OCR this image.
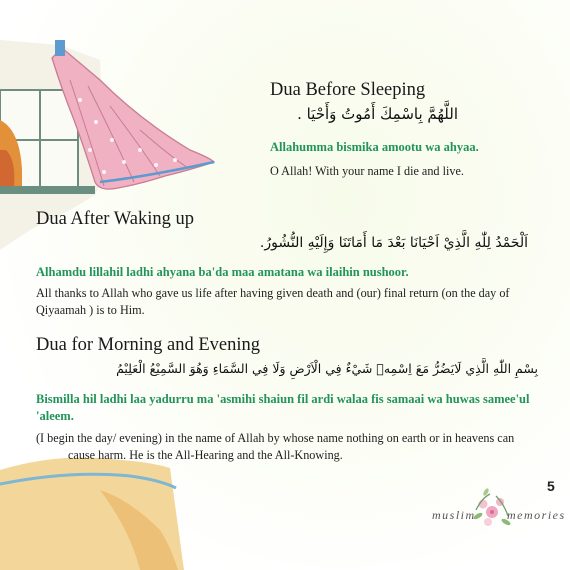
Dua Before Sleeping
اللَّهُمَّ بِاسْمِكَ أَمُوتُ وَأَحْيَا .
Allahumma bismika amootu wa ahyaa.
O Allah! With your name I die and live.
Dua After Waking up
اَلْحَمْدُ لِلّٰهِ الَّذِيْ اَحْيَانَا بَعْدَ مَا أَمَاتَنَا وَإِلَيْهِ النُّشُورُ.
Alhamdu lillahil ladhi ahyana ba'da maa amatana wa ilaihin nushoor.
All thanks to Allah who gave us life after having given death and (our) final return (on the day of Qiyaamah ) is to Him.
Dua for Morning and Evening
بِسْمِ اللّٰهِ الَّذِي لَايَضُرُّ مَعَ اِسْمِهٖ شَيْءٌ فِي الْاَرْضِ وَلَا فِي السَّمَاءِ وَهُوَ السَّمِيْعُ الْعَلِيْمُ
Bismilla hil ladhi laa yadurru ma 'asmihi shaiun fil ardi walaa fis samaai wa huwas samee'ul 'aleem.
(I begin the day/ evening) in the name of Allah by whose name nothing on earth or in heavens can cause harm. He is the All-Hearing and the All-Knowing.
5
muslim	memories
